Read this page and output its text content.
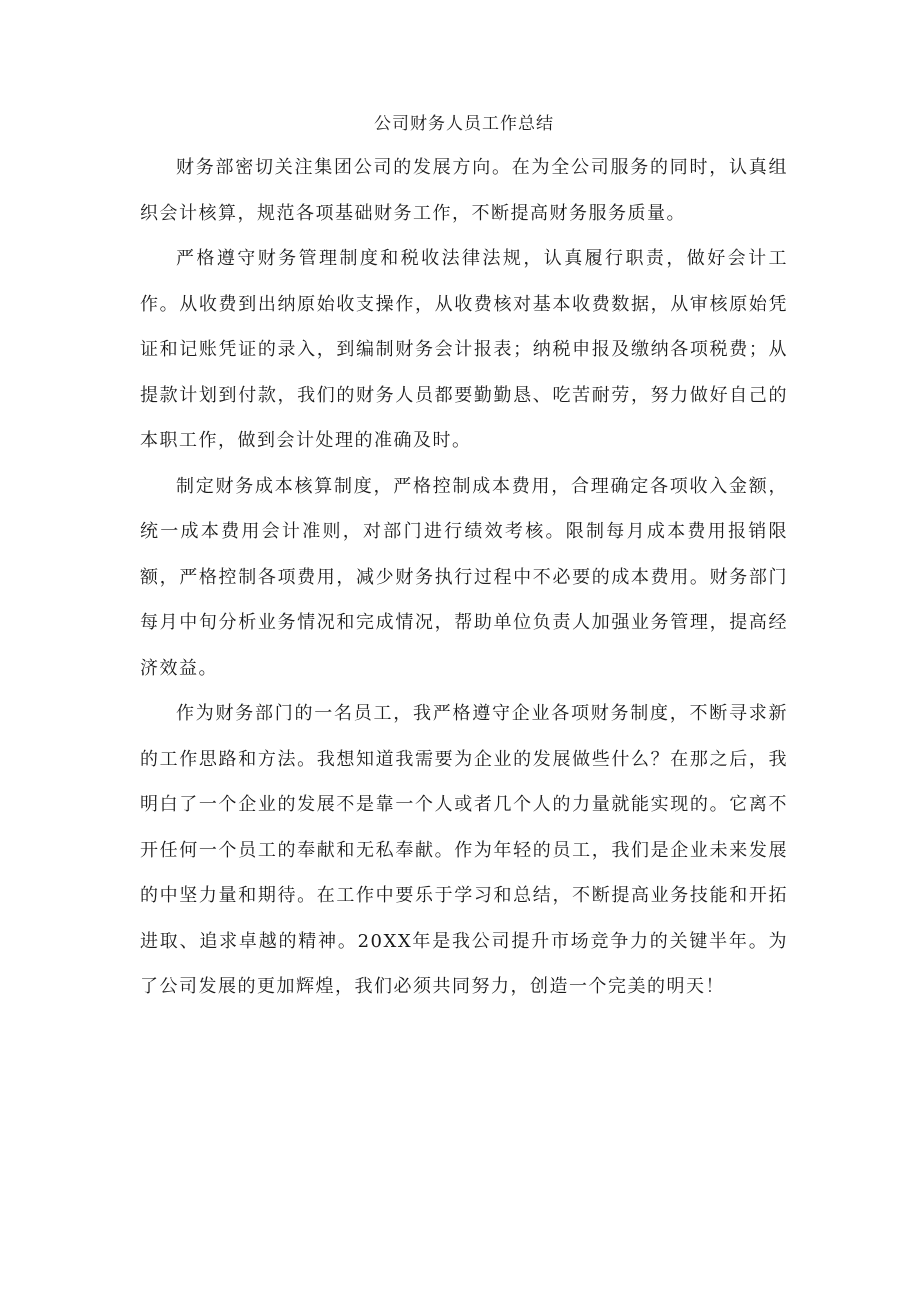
公司财务人员工作总结

财务部密切关注集团公司的发展方向。在为全公司服务的同时，认真组织会计核算，规范各项基础财务工作，不断提高财务服务质量。

严格遵守财务管理制度和税收法律法规，认真履行职责，做好会计工作。从收费到出纳原始收支操作，从收费核对基本收费数据，从审核原始凭证和记账凭证的录入，到编制财务会计报表；纳税申报及缴纳各项税费；从提款计划到付款，我们的财务人员都要勤勤恳、吃苦耐劳，努力做好自己的本职工作，做到会计处理的准确及时。

制定财务成本核算制度，严格控制成本费用，合理确定各项收入金额，统一成本费用会计准则，对部门进行绩效考核。限制每月成本费用报销限额，严格控制各项费用，减少财务执行过程中不必要的成本费用。财务部门每月中旬分析业务情况和完成情况，帮助单位负责人加强业务管理，提高经济效益。

作为财务部门的一名员工，我严格遵守企业各项财务制度，不断寻求新的工作思路和方法。我想知道我需要为企业的发展做些什么？在那之后，我明白了一个企业的发展不是靠一个人或者几个人的力量就能实现的。它离不开任何一个员工的奉献和无私奉献。作为年轻的员工，我们是企业未来发展的中坚力量和期待。在工作中要乐于学习和总结，不断提高业务技能和开拓进取、追求卓越的精神。20XX年是我公司提升市场竞争力的关键半年。为了公司发展的更加辉煌，我们必须共同努力，创造一个完美的明天！
